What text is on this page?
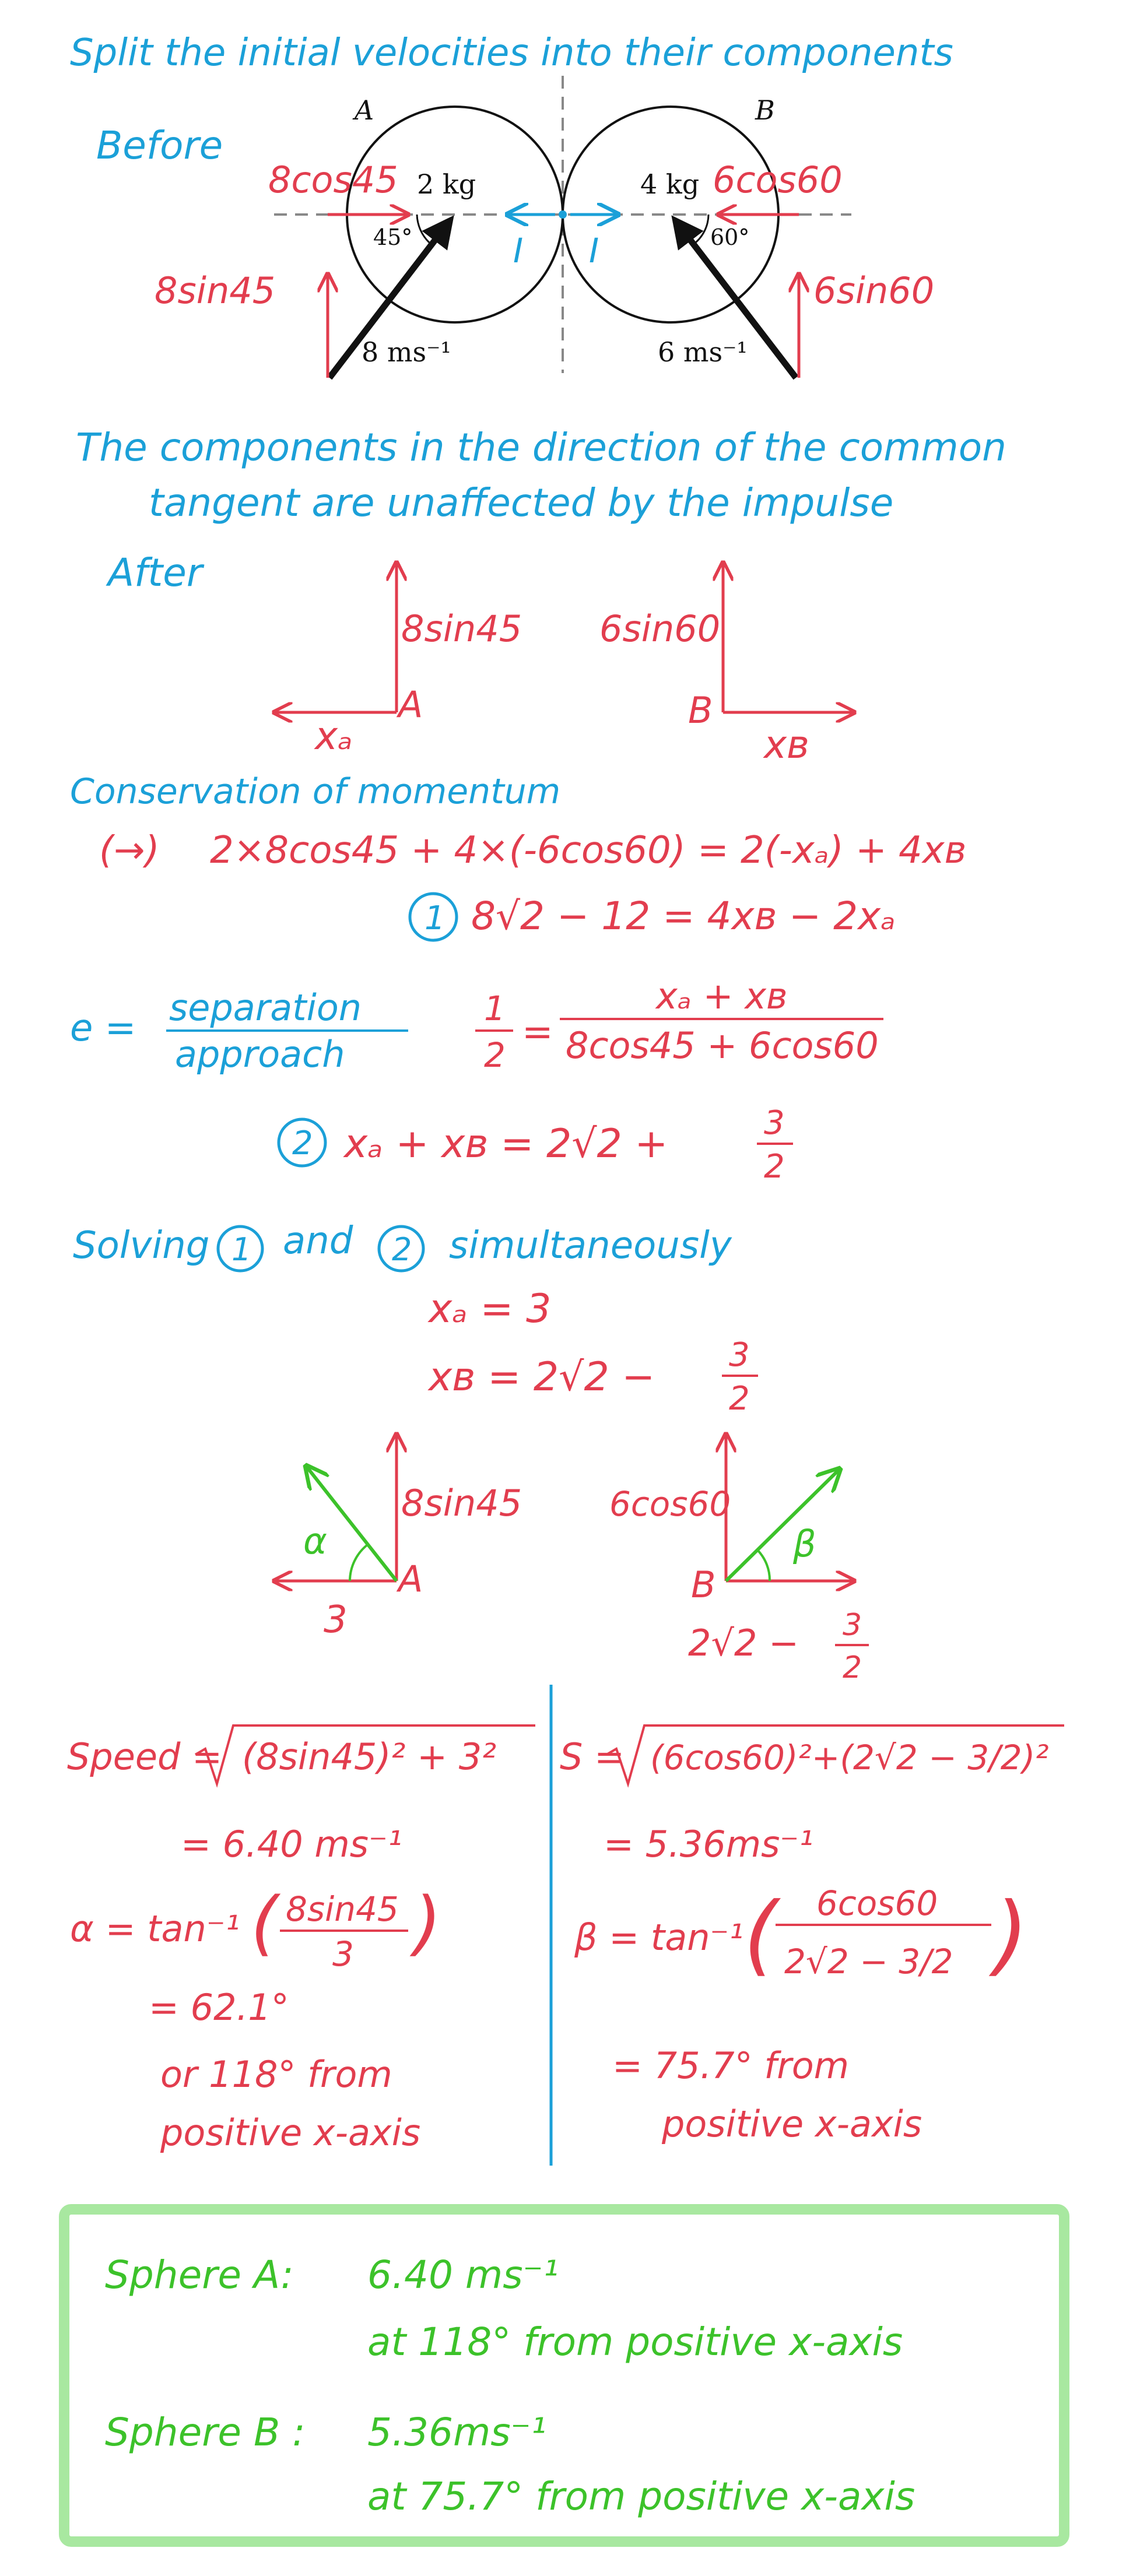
Split the initial velocities into their components
Before
A	B
2 kg	4 kg
45°	60°
8 ms⁻¹	6 ms⁻¹
8cos45	6cos60
8sin45	6sin60
I I
The components in the direction of the common
tangent are unaffected by the impulse
After
8sin45
A
xₐ
6sin60
B
xʙ
Conservation of momentum
(→) 2×8cos45 + 4×(-6cos60) = 2(-xₐ) + 4xʙ
1 8√2 − 12 = 4xʙ − 2xₐ
e = separation
approach
1
2
=
xₐ + xʙ
8cos45 + 6cos60
2 xₐ + xʙ = 2√2 +	3
2
Solving 1 and 2 simultaneously
xₐ = 3
xʙ = 2√2 − 3
2
α
8sin45
A
3
β
6cos60
B
2√2 − 3
2
Speed = (8sin45)² + 3²
= 6.40 ms⁻¹
α = tan⁻¹ ( 8sin45
3 )
= 62.1°
or 118° from
positive x-axis
S = (6cos60)²+(2√2 − 3/2)²
= 5.36ms⁻¹
β = tan⁻¹ ( 6cos60
2√2 − 3/2 )
= 75.7° from
positive x-axis
Sphere A: 6.40 ms⁻¹
at 118° from positive x-axis
Sphere B : 5.36ms⁻¹
at 75.7° from positive x-axis
